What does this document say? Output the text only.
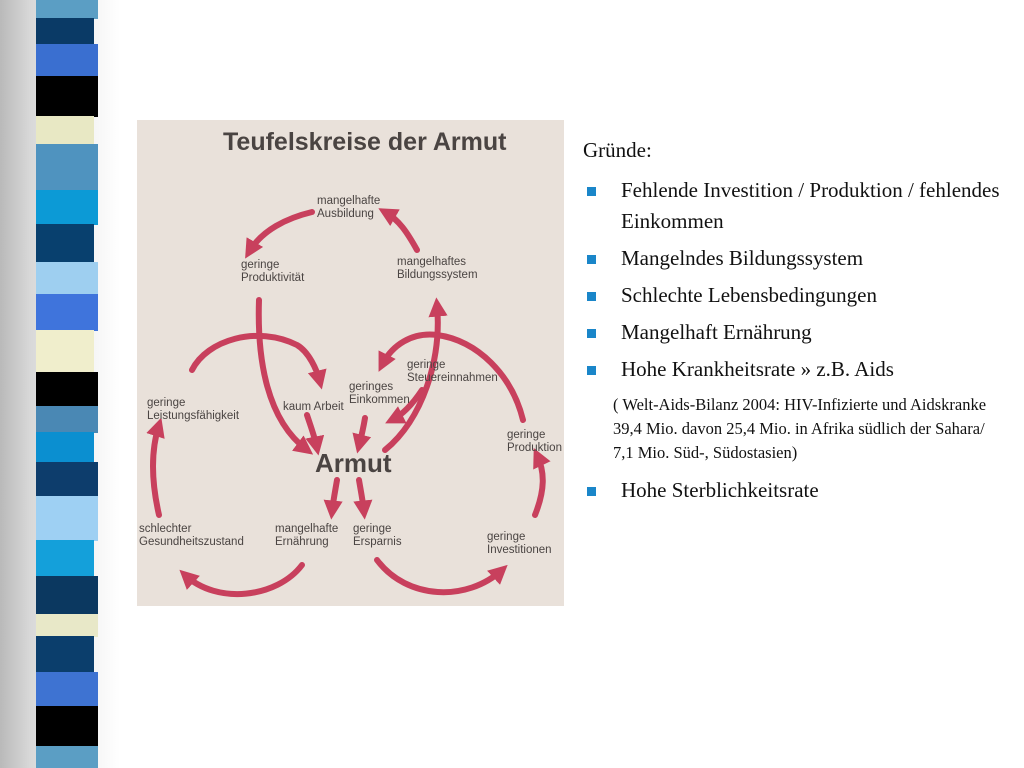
Teufelskreise der Armut
Armut
mangelhafte Ausbildung
geringe Produktivität
mangelhaftes Bildungssystem
geringe Leistungsfähigkeit
kaum Arbeit
geringes Einkommen
geringe Steuereinnahmen
geringe Produktion
schlechter Gesundheitszustand
mangelhafte Ernährung
geringe Ersparnis	geringe Investitionen
Gründe:
Fehlende Investition / Produktion / fehlendes Einkommen
Mangelndes Bildungssystem
Schlechte Lebensbedingungen
Mangelhaft Ernährung
Hohe Krankheitsrate » z.B. Aids
( Welt-Aids-Bilanz 2004: HIV-Infizierte und Aidskranke 39,4 Mio. davon 25,4 Mio. in Afrika südlich der Sahara/ 7,1 Mio. Süd-, Südostasien)
Hohe Sterblichkeitsrate
